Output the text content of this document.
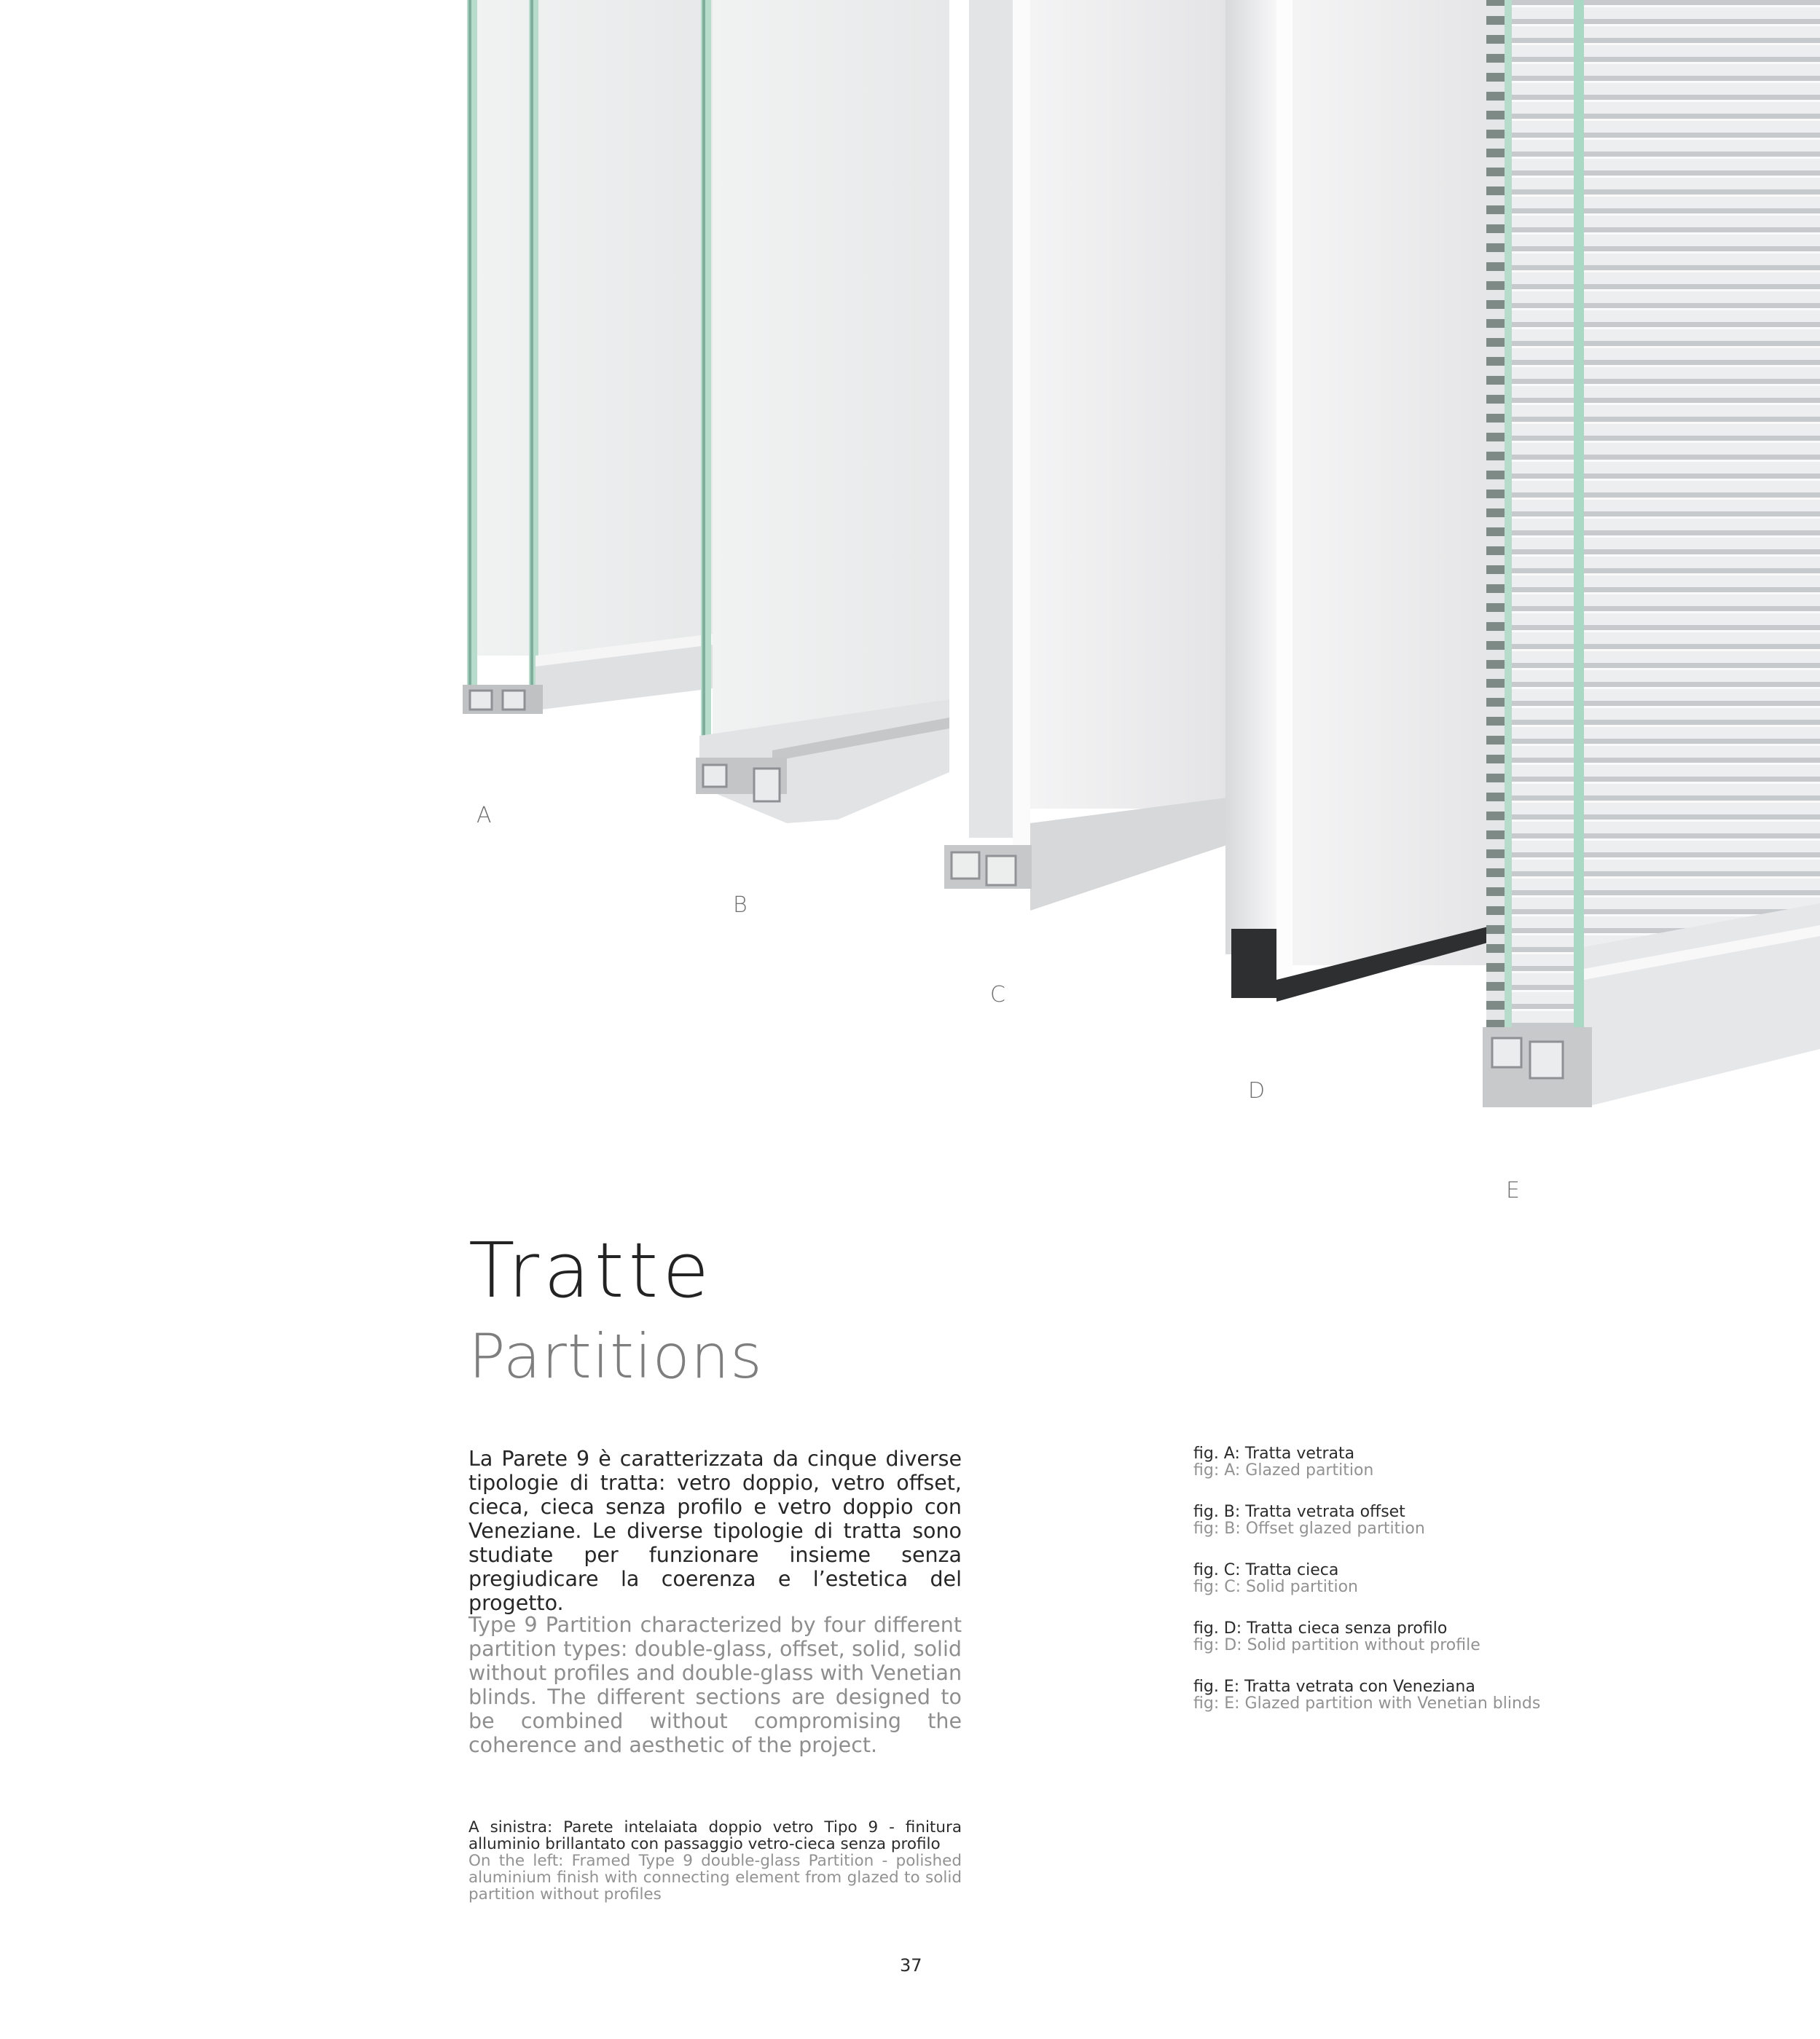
A
B
C
D
E
Tratte
Partitions

La Parete 9 è caratterizzata da cinque diverse tipologie di tratta: vetro doppio, vetro offset, cieca, cieca senza profilo e vetro doppio con Veneziane. Le diverse tipologie di tratta sono studiate per funzionare insieme senza pregiudicare la coerenza e l’estetica del progetto.

Type 9 Partition characterized by four different partition types: double-glass, offset, solid, solid without profiles and double-glass with Venetian blinds. The different sections are designed to be combined without compromising the coherence and aesthetic of the project.

fig. A: Tratta vetrata
fig: A: Glazed partition
fig. B: Tratta vetrata offset
fig: B: Offset glazed partition
fig. C: Tratta cieca
fig: C: Solid partition
fig. D: Tratta cieca senza profilo
fig: D: Solid partition without profile
fig. E: Tratta vetrata con Veneziana
fig: E: Glazed partition with Venetian blinds

A sinistra: Parete intelaiata doppio vetro Tipo 9 - finitura alluminio brillantato con passaggio vetro-cieca senza profilo

On the left: Framed Type 9 double-glass Partition - polished aluminium finish with connecting element from glazed to solid partition without profiles

37
